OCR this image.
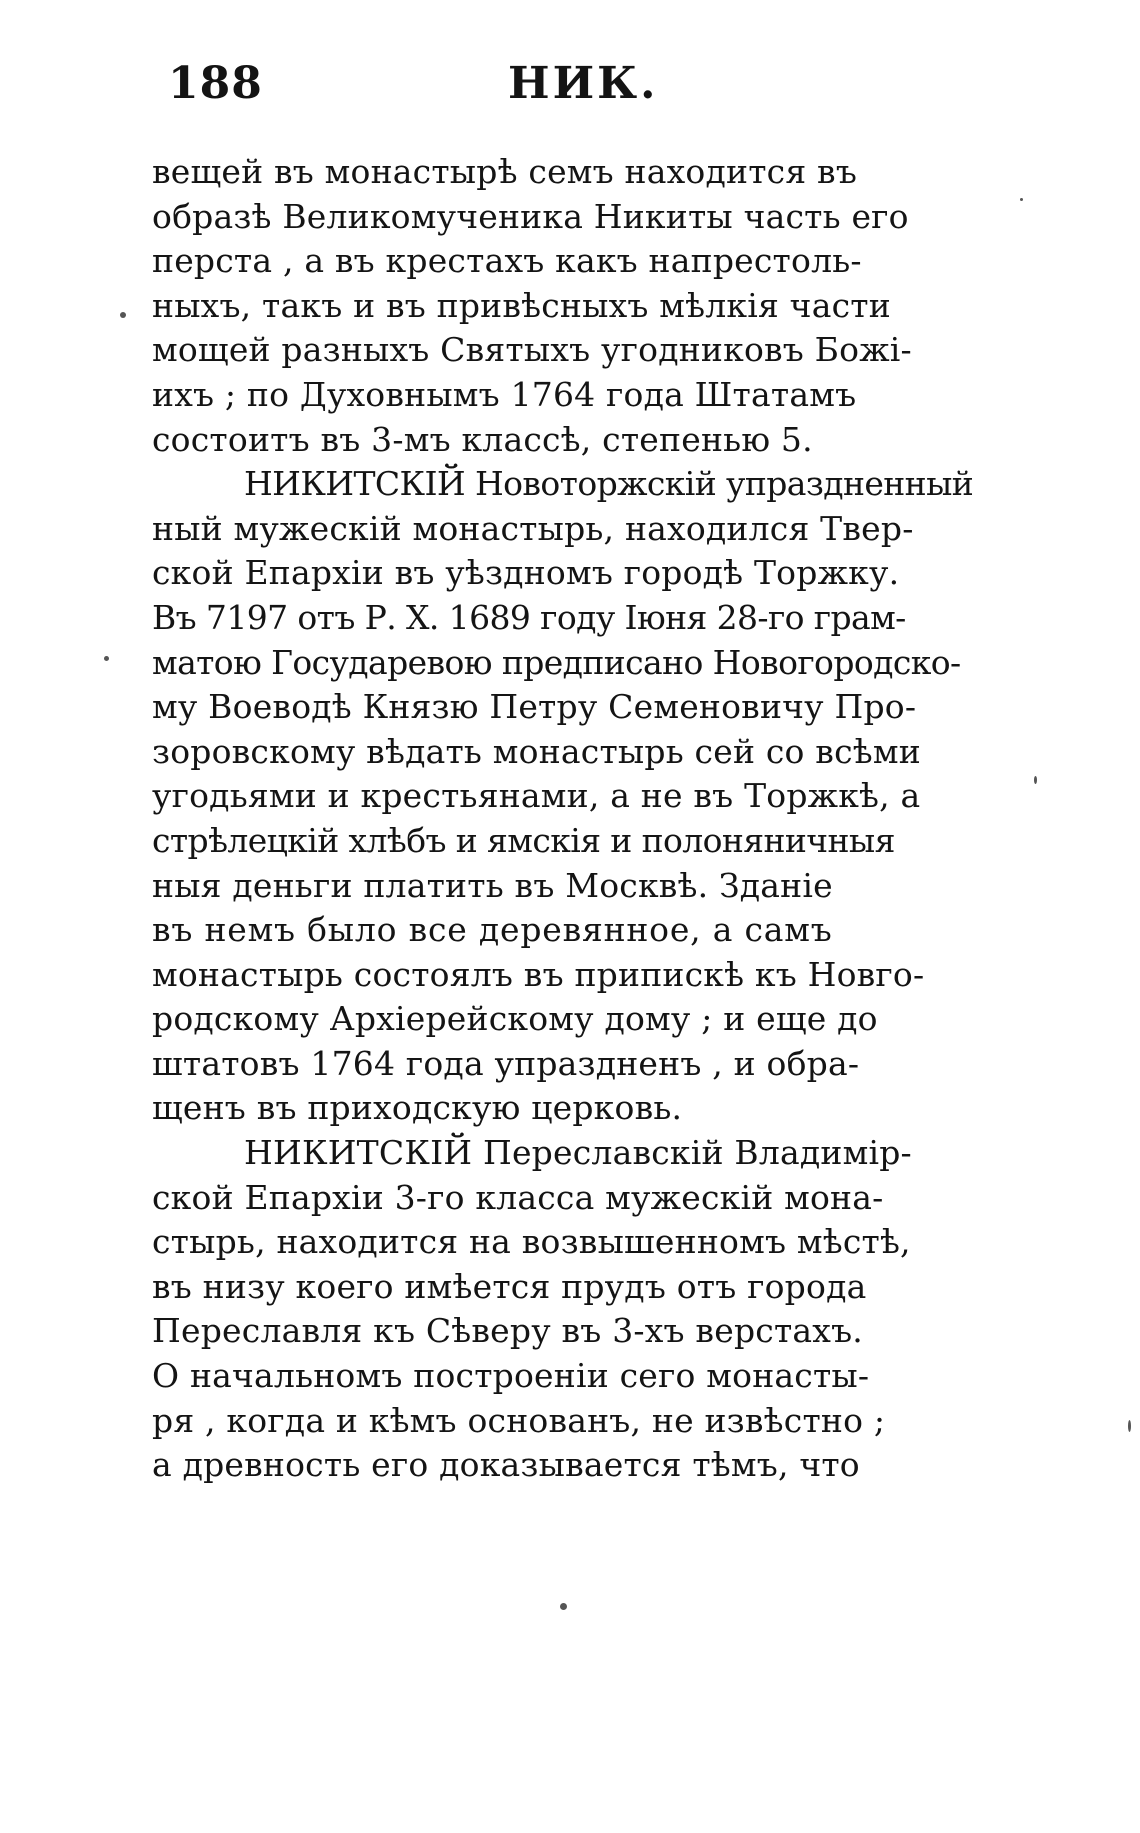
188	НИК.
вещей въ монастырѣ семъ находится въ
образѣ Великомученика Никиты часть его
перста , а въ крестахъ какъ напрестоль-
ныхъ, такъ и въ привѣсныхъ мѣлкія части
мощей разныхъ Святыхъ угодниковъ Божі-
ихъ ; по Духовнымъ 1764 года Штатамъ
состоитъ въ 3-мъ классѣ, степенью 5.
НИКИТСКІЙ Новоторжскій упраздненный
ный мужескій монастырь, находился Твер-
ской Епархіи въ уѣздномъ городѣ Торжку.
Въ 7197 отъ Р. Х. 1689 году Іюня 28-го грам-
матою Государевою предписано Новогородско-
му Воеводѣ Князю Петру Семеновичу Про-
зоровскому вѣдать монастырь сей со всѣми
угодьями и крестьянами, а не въ Торжкѣ, а
стрѣлецкій хлѣбъ и ямскія и полоняничныя
ныя деньги платить въ Москвѣ. Зданіе
въ немъ было все деревянное, а самъ
монастырь состоялъ въ припискѣ къ Новго-
родскому Архіерейскому дому ; и еще до
штатовъ 1764 года упраздненъ , и обра-
щенъ въ приходскую церковь.
НИКИТСКІЙ Переславскій Владимір-
ской Епархіи 3-го класса мужескій мона-
стырь, находится на возвышенномъ мѣстѣ,
въ низу коего имѣется прудъ отъ города
Переславля къ Сѣверу въ 3-хъ верстахъ.
О начальномъ построеніи сего монасты-
ря , когда и кѣмъ основанъ, не извѣстно ;
а древность его доказывается тѣмъ, что
